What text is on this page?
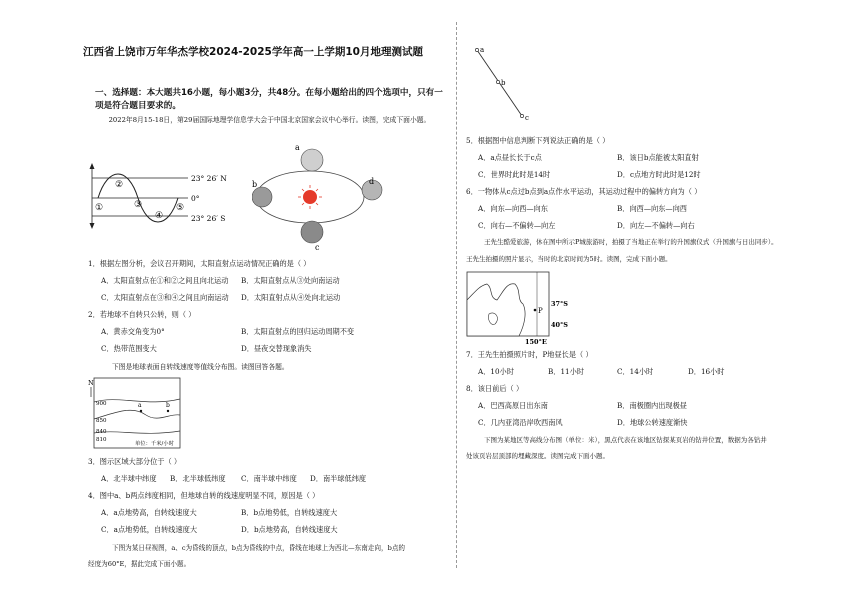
江西省上饶市万年华杰学校2024-2025学年高一上学期10月地理测试题
一、选择题：本大题共16小题，每小题3分，共48分。在每小题给出的四个选项中，只有一项是符合题目要求的。
2022年8月15-18日，第29届国际地理学信息学大会于中国北京国家会议中心举行。读图，完成下面小题。
23° 26′ N
0°
23° 26′ S
①
②
③
④
⑤
a
b
c
d
1．根据左图分析，会议召开期间，太阳直射点运动情况正确的是（ ）
A．太阳直射点在①和②之间且向北运动 B．太阳直射点从③处向南运动
C．太阳直射点在③和④之间且向南运动 D．太阳直射点从④处向北运动
2．若地球不自转只公转，则（ ）
A．黄赤交角变为0°	B．太阳直射点的回归运动周期不变
C．热带范围变大	D．昼夜交替现象消失
下图是地球表面自转线速度等值线分布图。读图回答各题。
N
900
850
810
840
a	b
单位：千米/小时
3．图示区域大部分位于（ ）
A．北半球中纬度 B．北半球低纬度 C．南半球中纬度 D．南半球低纬度
4．图中a、b两点纬度相同，但地球自转的线速度明显不同，原因是（ ）
A．a点地势高，自转线速度大	B．b点地势低，自转线速度大
C．a点地势低，自转线速度大	D．b点地势高，自转线速度大
下图为某日昼视图，a、c为昏线的顶点，b点为昏线的中点，昏线在地球上为西北—东南走向，b点的
经度为60°E，据此完成下面小题。
a
b
c
5．根据图中信息判断下列说法正确的是（ ）
A．a点昼长长于c点	B．该日b点能被太阳直射
C．世界时此时是14时	D．c点地方时此时是12时
6．一物体从c点过b点到a点作水平运动，其运动过程中的偏转方向为（ ）
A．向东—向西—向东	B．向西—向东—向西
C．向右—不偏转—向左	D．向左—不偏转—向右
王先生酷爱旅游，休在图中所示P城旅游时，拍摄了当地正在举行的升国旗仪式（升国旗与日出同步）。
王先生拍摄的照片显示，当时的北京时间为5时。读图，完成下面小题。
P
37°S
40°S
150°E
7．王先生拍摄照片时，P地昼长是（ ）
A．10小时	B．11小时	C．14小时	D．16小时
8．该日前后（ ）
A．巴西高原日出东南	B．南极圈内出现极昼
C．几内亚湾沿岸吹西南风	D．地球公转速度渐快
下图为某地区等高线分布图（单位：米），黑点代表在该地区钻探某页岩的钻井位置，数据为各钻井
处该页岩层顶部的埋藏深度。读图完成下面小题。
